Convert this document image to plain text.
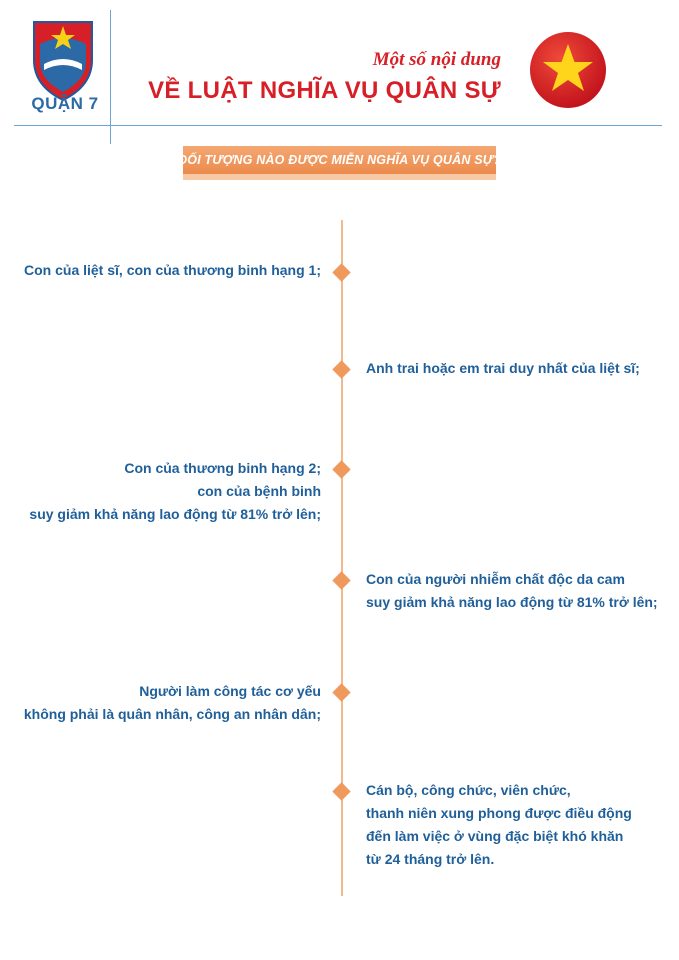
QUẬN 7
Một số nội dung
VỀ LUẬT NGHĨA VỤ QUÂN SỰ
ĐỐI TƯỢNG NÀO ĐƯỢC MIỄN NGHĨA VỤ QUÂN SỰ?
Con của liệt sĩ, con của thương binh hạng 1;
Anh trai hoặc em trai duy nhất của liệt sĩ;
Con của thương binh hạng 2;
con của bệnh binh
suy giảm khả năng lao động từ 81% trở lên;
Con của người nhiễm chất độc da cam
suy giảm khả năng lao động từ 81% trở lên;
Người làm công tác cơ yếu
không phải là quân nhân, công an nhân dân;
Cán bộ, công chức, viên chức,
thanh niên xung phong được điều động
đến làm việc ở vùng đặc biệt khó khăn
từ 24 tháng trở lên.
